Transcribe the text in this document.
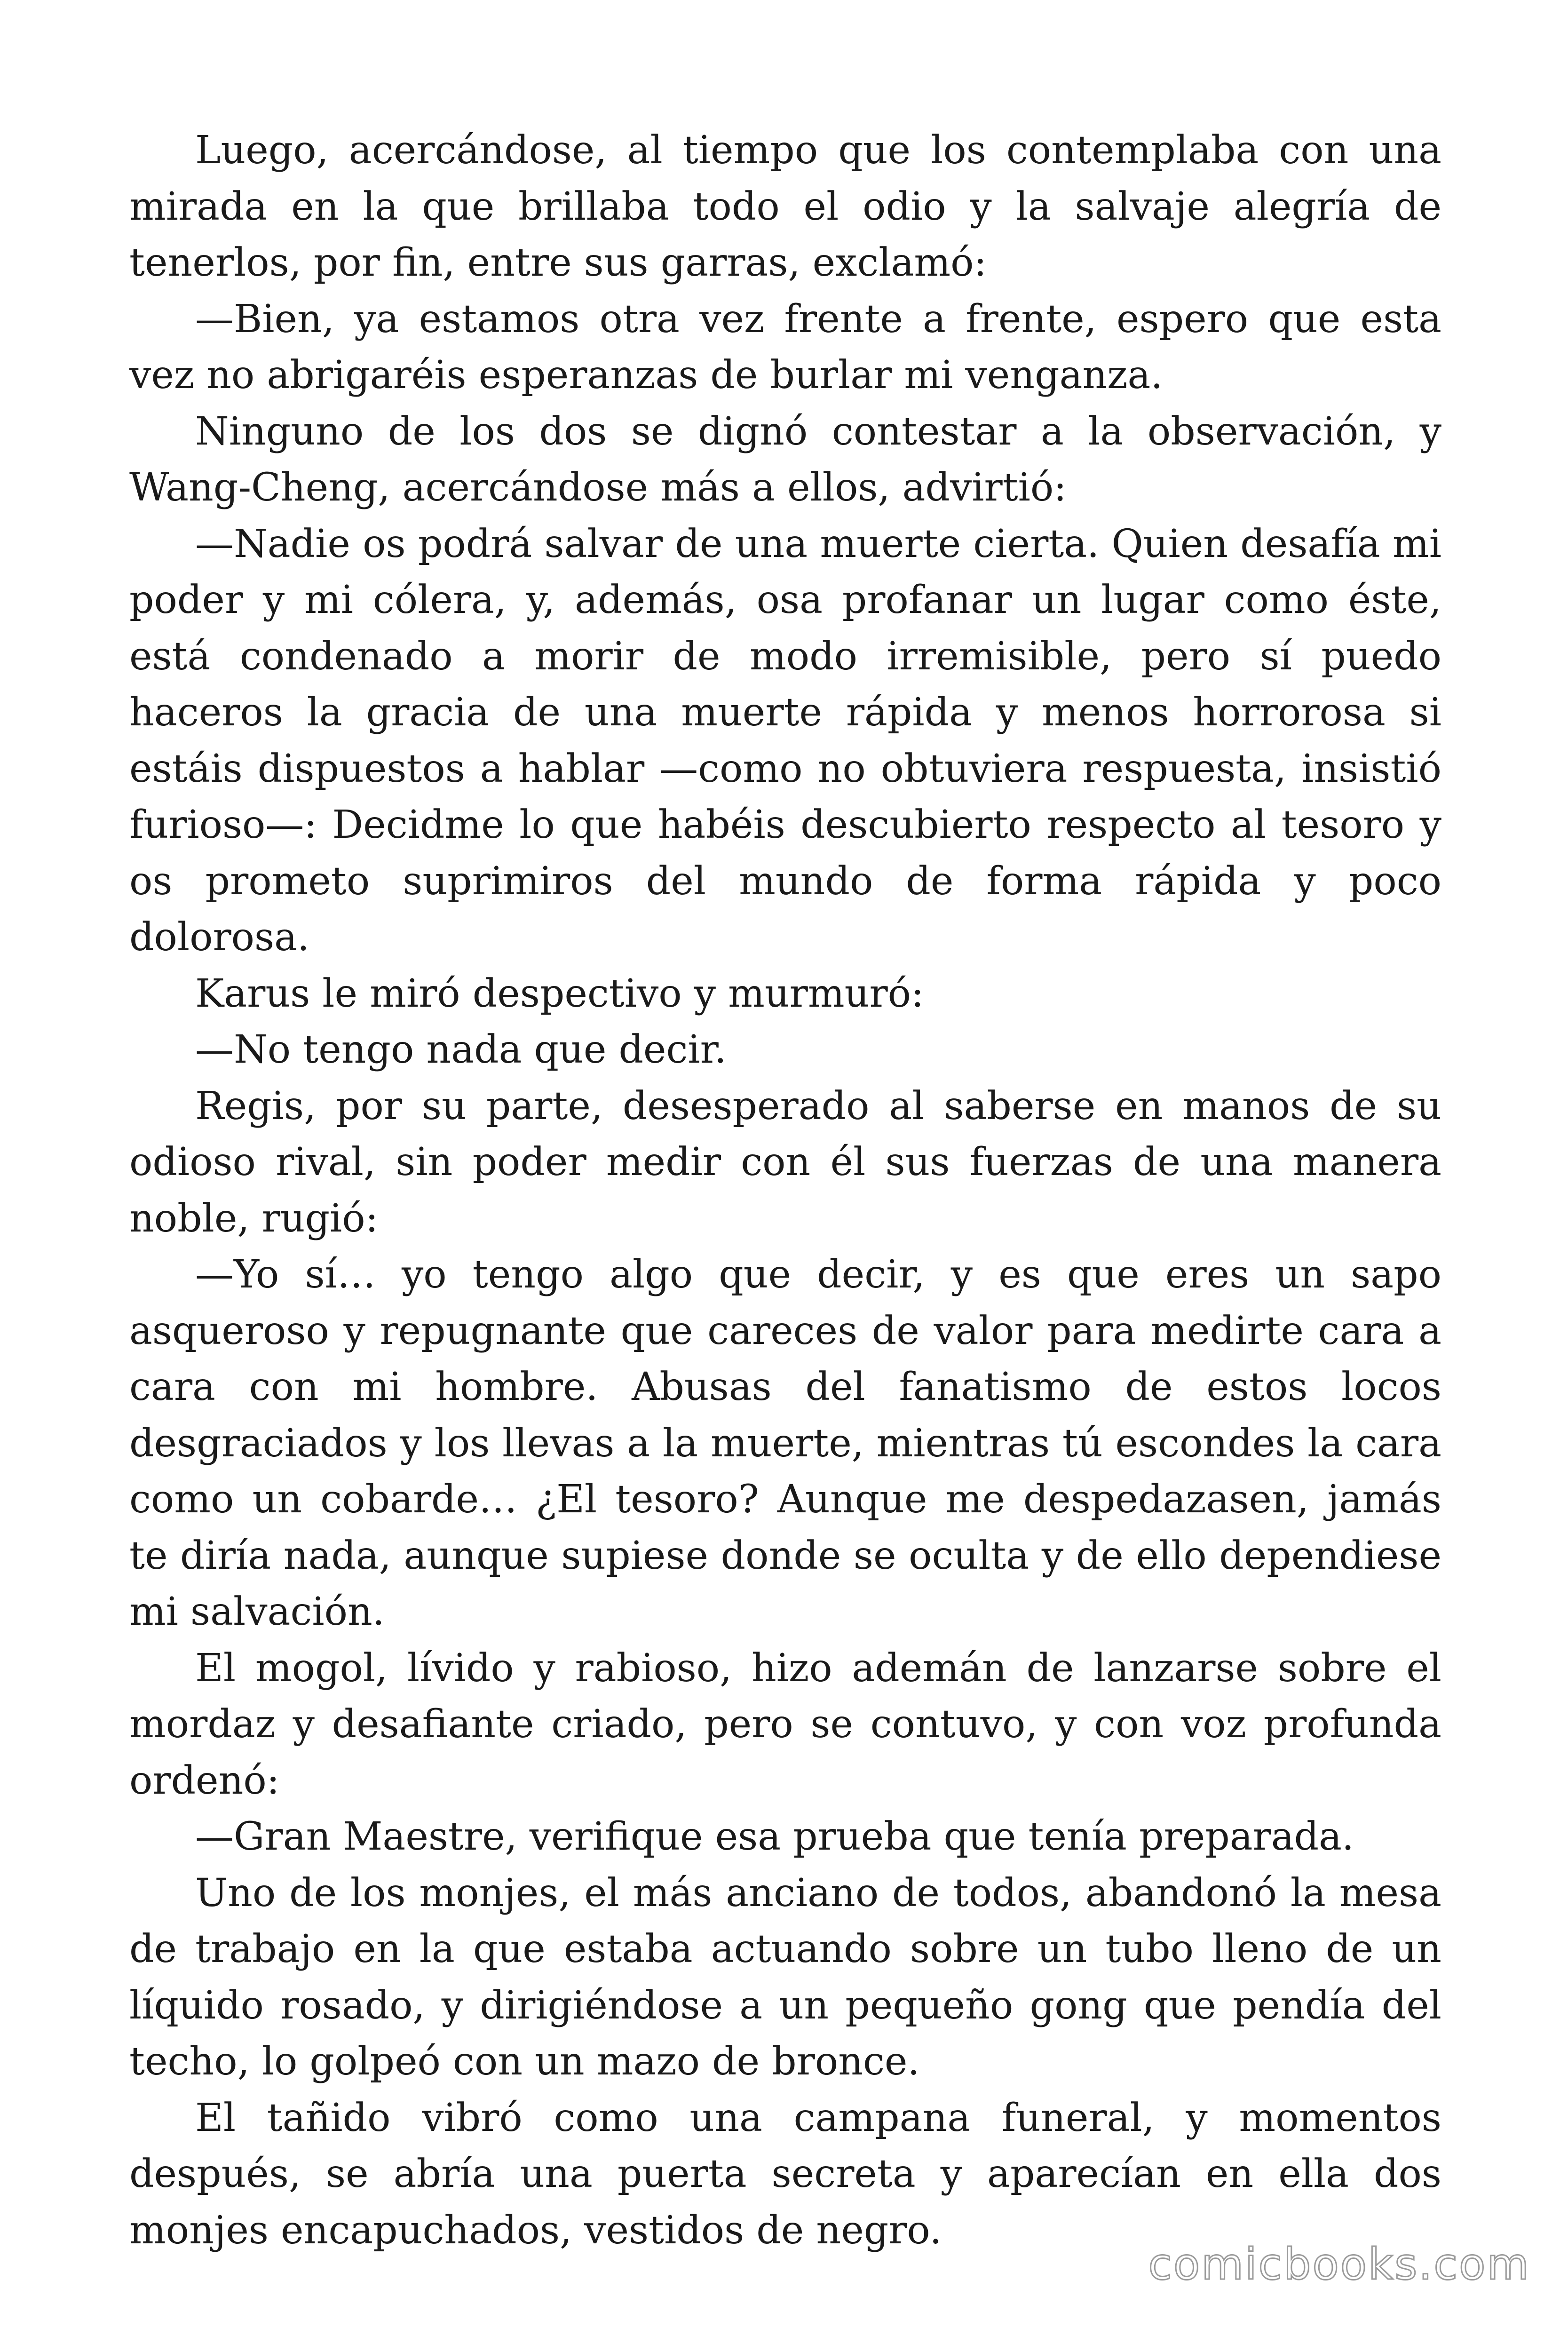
Luego, acercándose, al tiempo que los contemplaba con una mirada en la que brillaba todo el odio y la salvaje alegría de tenerlos, por fin, entre sus garras, exclamó:

—Bien, ya estamos otra vez frente a frente, espero que esta vez no abrigaréis esperanzas de burlar mi venganza.

Ninguno de los dos se dignó contestar a la observación, y Wang-Cheng, acercándose más a ellos, advirtió:

—Nadie os podrá salvar de una muerte cierta. Quien desafía mi poder y mi cólera, y, además, osa profanar un lugar como éste, está condenado a morir de modo irremisible, pero sí puedo haceros la gracia de una muerte rápida y menos horrorosa si estáis dispuestos a hablar —como no obtuviera respuesta, insistió furioso—: Decidme lo que habéis descubierto respecto al tesoro y os prometo suprimiros del mundo de forma rápida y poco dolorosa.

Karus le miró despectivo y murmuró:

—No tengo nada que decir.

Regis, por su parte, desesperado al saberse en manos de su odioso rival, sin poder medir con él sus fuerzas de una manera noble, rugió:

—Yo sí… yo tengo algo que decir, y es que eres un sapo asqueroso y repugnante que careces de valor para medirte cara a cara con mi hombre. Abusas del fanatismo de estos locos desgraciados y los llevas a la muerte, mientras tú escondes la cara como un cobarde… ¿El tesoro? Aunque me despedazasen, jamás te diría nada, aunque supiese donde se oculta y de ello dependiese mi salvación.

El mogol, lívido y rabioso, hizo ademán de lanzarse sobre el mordaz y desafiante criado, pero se contuvo, y con voz profunda ordenó:

—Gran Maestre, verifique esa prueba que tenía preparada.

Uno de los monjes, el más anciano de todos, abandonó la mesa de trabajo en la que estaba actuando sobre un tubo lleno de un líquido rosado, y dirigiéndose a un pequeño gong que pendía del techo, lo golpeó con un mazo de bronce.

El tañido vibró como una campana funeral, y momentos después, se abría una puerta secreta y aparecían en ella dos monjes encapuchados, vestidos de negro.

comicbooks.com
